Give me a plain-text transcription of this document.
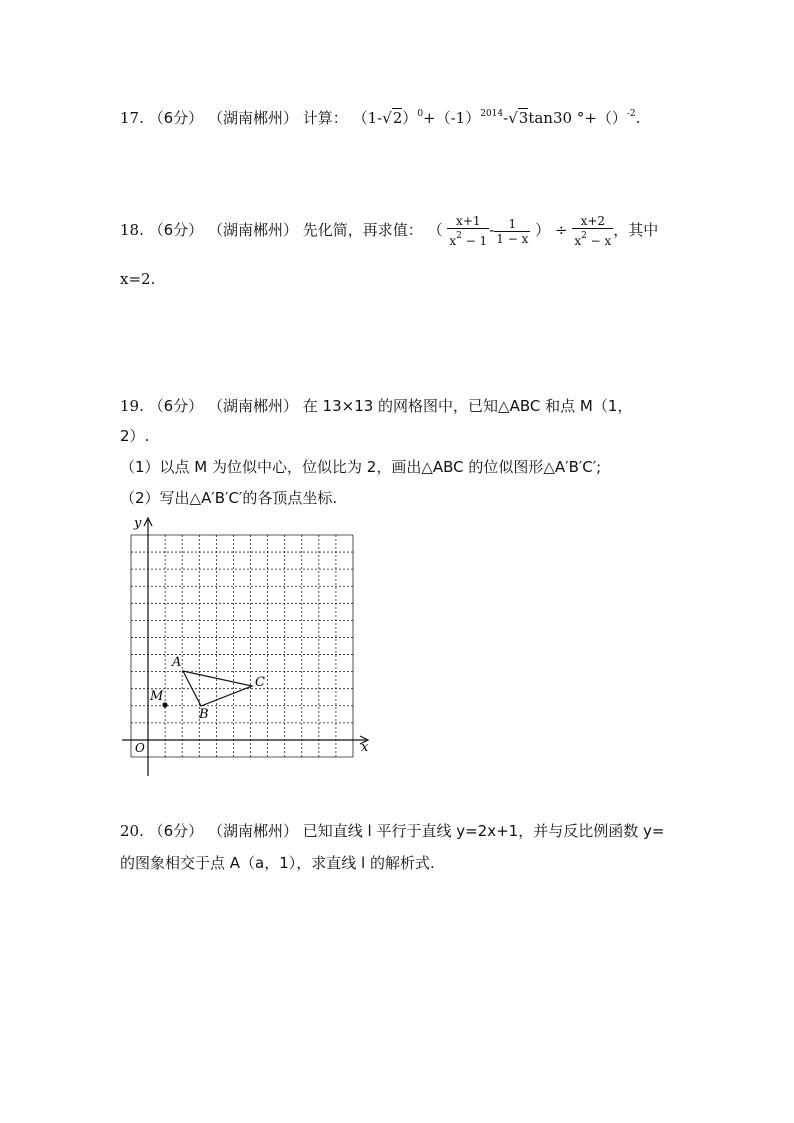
17. （6分） （湖南郴州） 计算： $(1-√2)^0+(-1)^{2014}-√3\tan 30$ °+（）$^{-2}$.
18. （6分） （湖南郴州） 先化简，再求值： （ $\frac{x+1}{x^2 - 1} - \frac{1}{1 - x}$ ） ÷ $\frac{x+2}{x^2 - x}$ ，其中
x=2.
19. （6分） （湖南郴州） 在 13×13 的网格图中，已知△ABC 和点 M（1，
2）.
（1）以点 M 为位似中心，位似比为 2，画出△ABC 的位似图形△A′B′C′;
（2）写出△A′B′C′的各顶点坐标.
x
y
O
A
B
C
M
20. （6分） （湖南郴州） 已知直线 l 平行于直线 y=2x+1，并与反比例函数 y=
的图象相交于点 A（a，1），求直线 l 的解析式.
